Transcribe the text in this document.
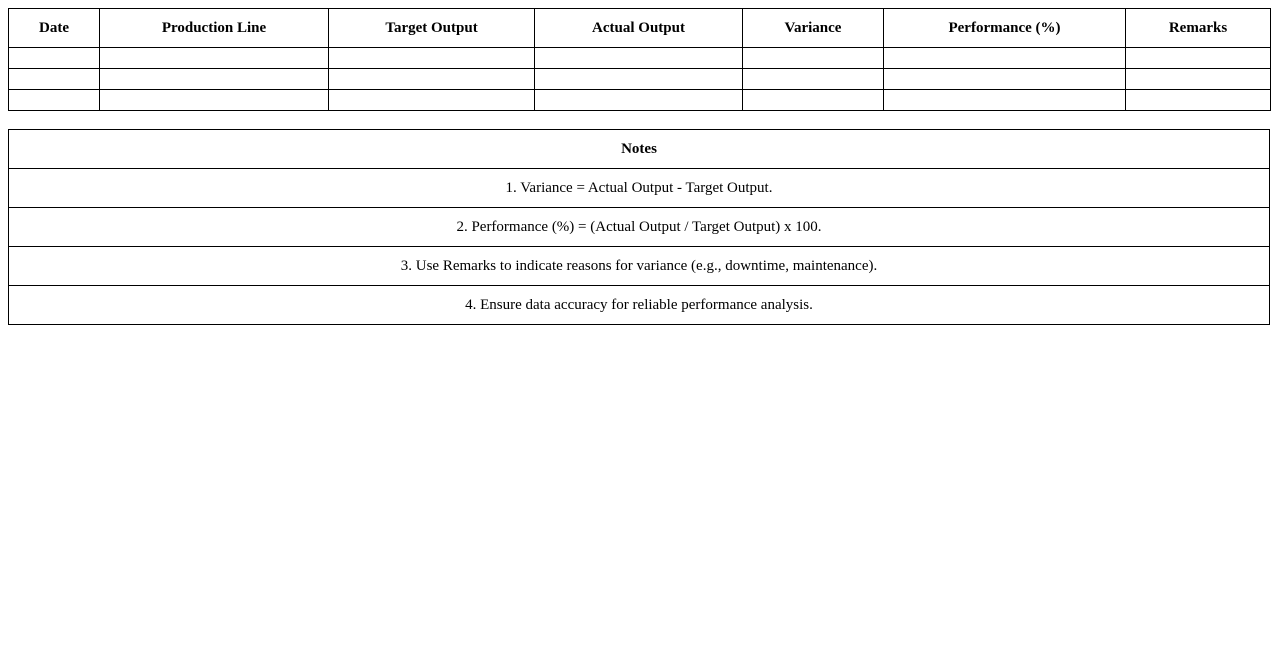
Date	Production Line	Target Output	Actual Output	Variance	Performance (%)	Remarks

Notes
1. Variance = Actual Output - Target Output.
2. Performance (%) = (Actual Output / Target Output) x 100.
3. Use Remarks to indicate reasons for variance (e.g., downtime, maintenance).
4. Ensure data accuracy for reliable performance analysis.
